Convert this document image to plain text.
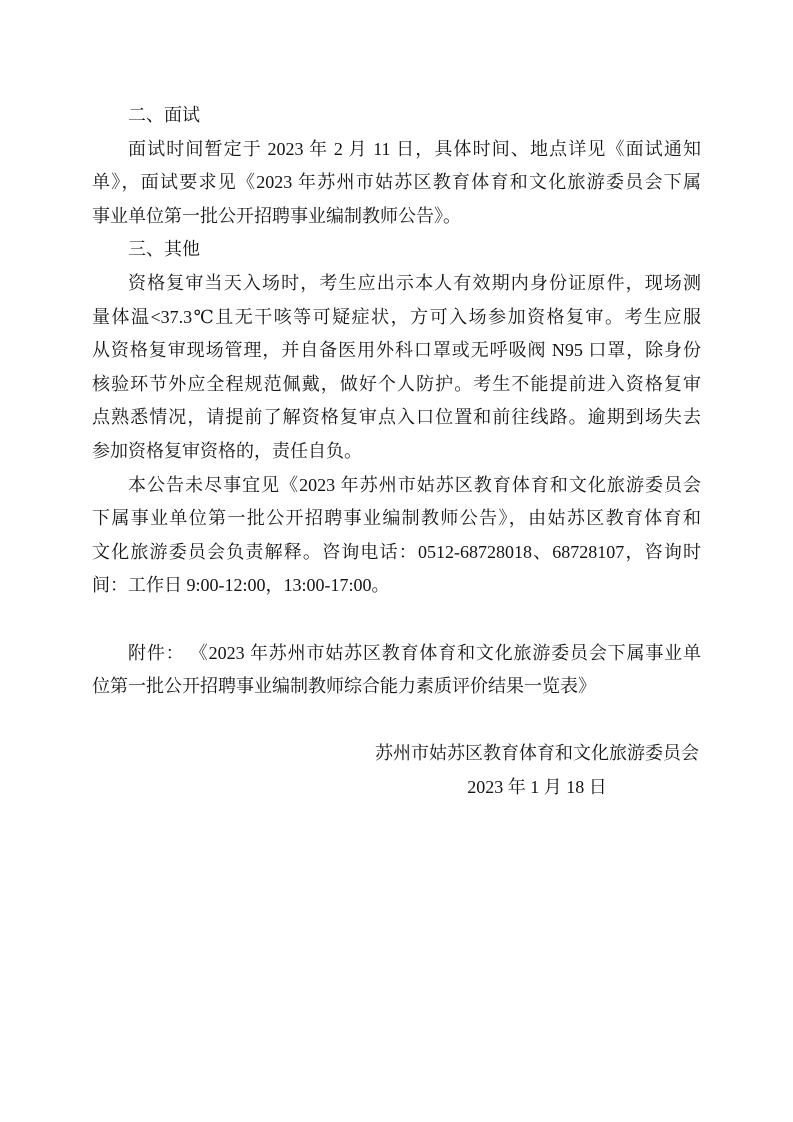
二、面试
面试时间暂定于 2023 年 2 月 11 日，具体时间、地点详见《面试通知
单》，面试要求见《2023 年苏州市姑苏区教育体育和文化旅游委员会下属
事业单位第一批公开招聘事业编制教师公告》。
三、其他
资格复审当天入场时，考生应出示本人有效期内身份证原件，现场测
量体温<37.3℃且无干咳等可疑症状，方可入场参加资格复审。考生应服
从资格复审现场管理，并自备医用外科口罩或无呼吸阀 N95 口罩，除身份
核验环节外应全程规范佩戴，做好个人防护。考生不能提前进入资格复审
点熟悉情况，请提前了解资格复审点入口位置和前往线路。逾期到场失去
参加资格复审资格的，责任自负。
本公告未尽事宜见《2023 年苏州市姑苏区教育体育和文化旅游委员会
下属事业单位第一批公开招聘事业编制教师公告》，由姑苏区教育体育和
文化旅游委员会负责解释。咨询电话：0512-68728018、68728107，咨询时
间：工作日 9:00-12:00，13:00-17:00。
附件： 《2023 年苏州市姑苏区教育体育和文化旅游委员会下属事业单
位第一批公开招聘事业编制教师综合能力素质评价结果一览表》
苏州市姑苏区教育体育和文化旅游委员会
2023 年 1 月 18 日
